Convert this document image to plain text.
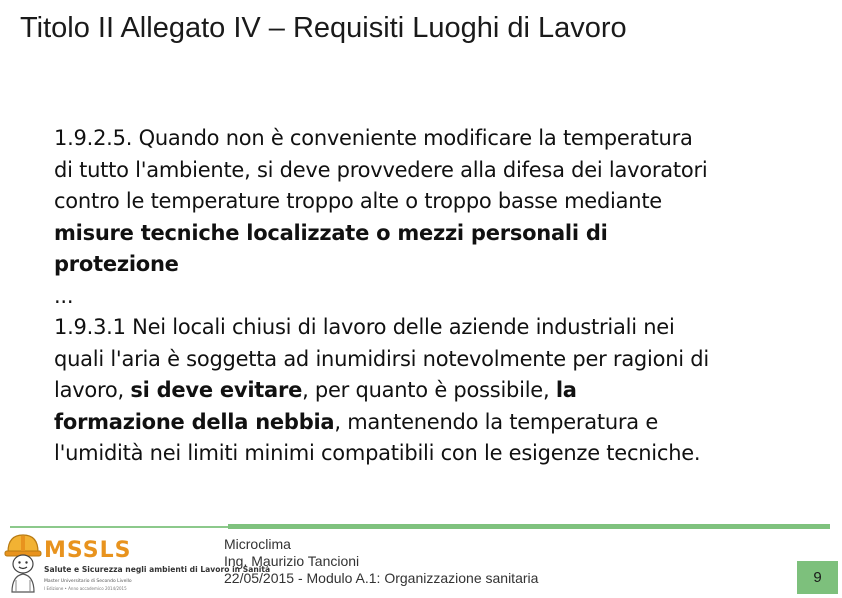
Titolo II Allegato IV – Requisiti Luoghi di Lavoro
1.9.2.5. Quando non è conveniente modificare la temperatura
di tutto l'ambiente, si deve provvedere alla difesa dei lavoratori
contro le temperature troppo alte o troppo basse mediante
misure tecniche localizzate o mezzi personali di
protezione
...
1.9.3.1 Nei locali chiusi di lavoro delle aziende industriali nei
quali l'aria è soggetta ad inumidirsi notevolmente per ragioni di
lavoro, si deve evitare, per quanto è possibile, la
formazione della nebbia, mantenendo la temperatura e
l'umidità nei limiti minimi compatibili con le esigenze tecniche.
MSSLS
Salute e Sicurezza negli ambienti di Lavoro in Sanità
Master Universitario di Secondo Livello
I Edizione • Anno accademico 2014/2015
Microclima
Ing. Maurizio Tancioni
22/05/2015 - Modulo A.1: Organizzazione sanitaria	9
